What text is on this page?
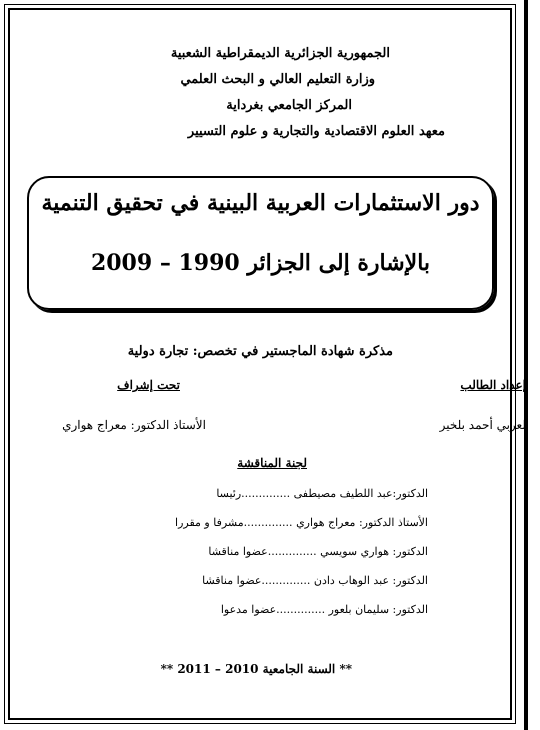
الجمهورية الجزائرية الديمقراطية الشعبية
وزارة التعليم العالي و البحث العلمي
المركز الجامعي بغرداية
معهد العلوم الاقتصادية والتجارية و علوم التسيير
دور الاستثمارات العربية البينية في تحقيق التنمية
بالإشارة إلى الجزائر 1990 – 2009
مذكرة شهادة الماجستير في تخصص: تجارة دولية
إعداد الطالب
تحت إشراف
لعربي أحمد بلخير
الأستاذ الدكتور: معراج هواري
لجنة المناقشة
الدكتور:عبد اللطيف مصيطفى ..............رئيسا
الأستاذ الدكتور: معراج هواري ..............مشرفا و مقررا
الدكتور: هواري سويسي ..............عضوا مناقشا
الدكتور: عبد الوهاب دادن ..............عضوا مناقشا
الدكتور: سليمان بلعور ..............عضوا مدعوا
** السنة الجامعية 2010 – 2011 **
